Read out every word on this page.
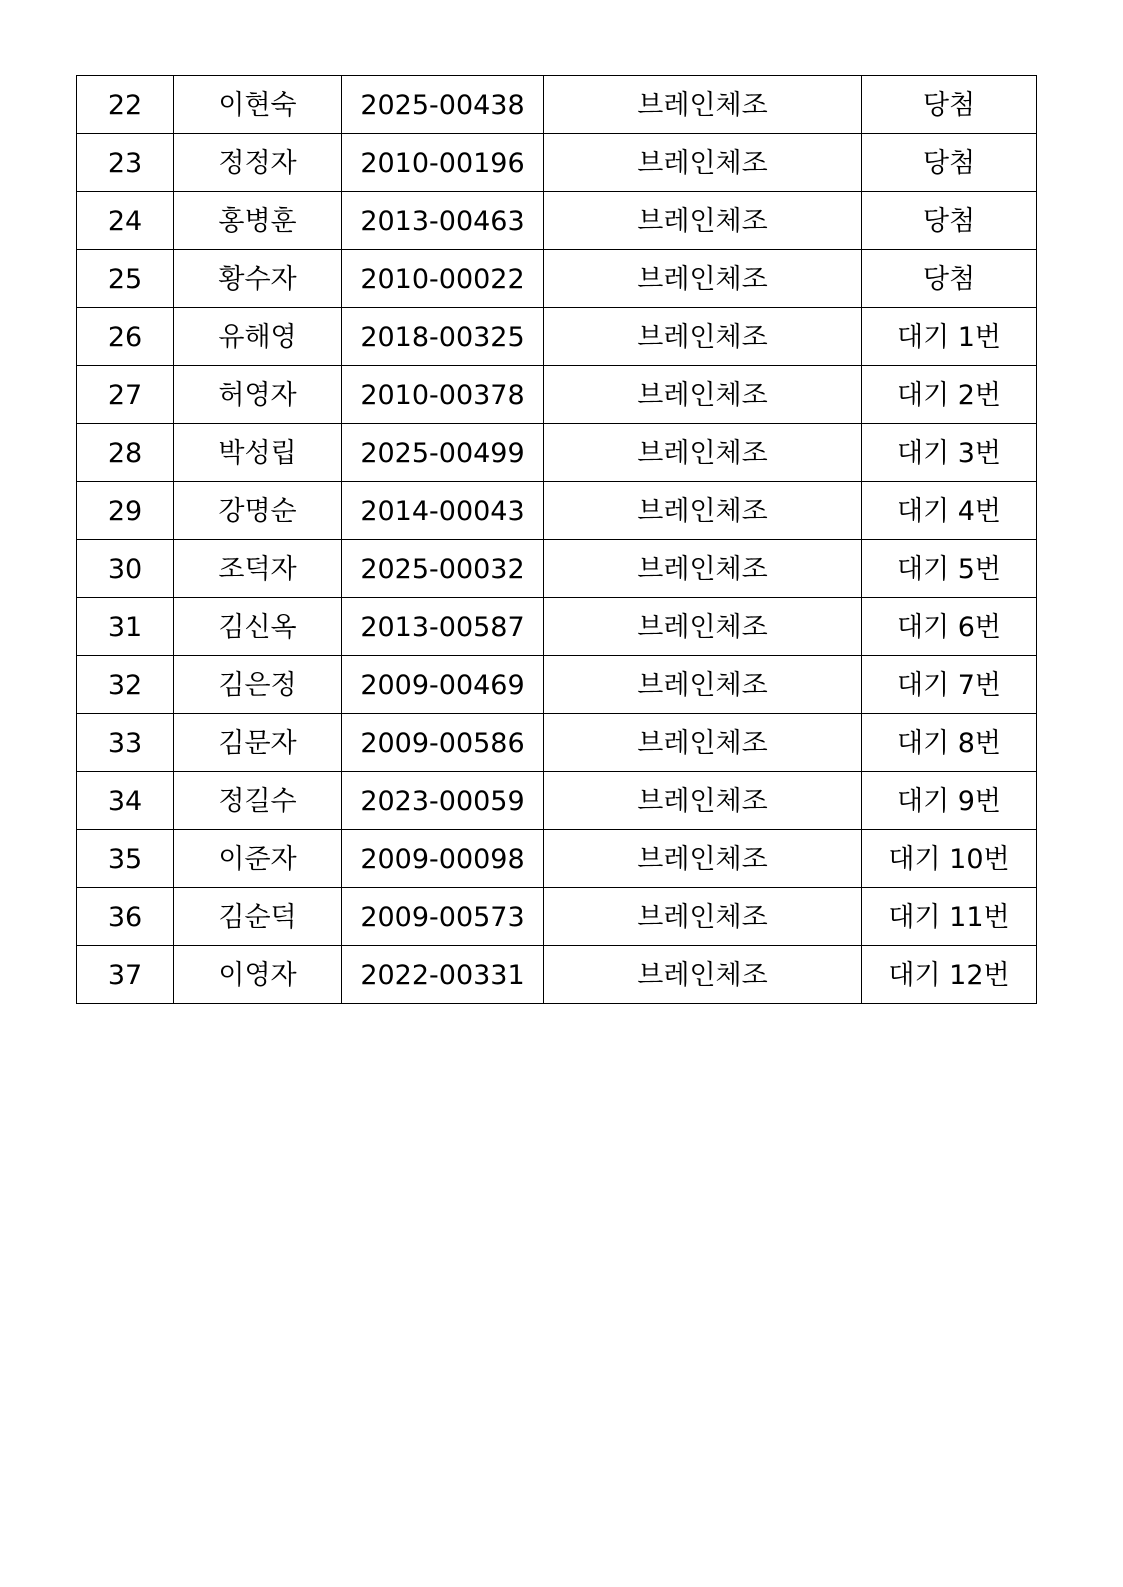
22	이현숙	2025-00438	브레인체조	당첨
23	정정자	2010-00196	브레인체조	당첨
24	홍병훈	2013-00463	브레인체조	당첨
25	황수자	2010-00022	브레인체조	당첨
26	유해영	2018-00325	브레인체조	대기 1번
27	허영자	2010-00378	브레인체조	대기 2번
28	박성립	2025-00499	브레인체조	대기 3번
29	강명순	2014-00043	브레인체조	대기 4번
30	조덕자	2025-00032	브레인체조	대기 5번
31	김신옥	2013-00587	브레인체조	대기 6번
32	김은정	2009-00469	브레인체조	대기 7번
33	김문자	2009-00586	브레인체조	대기 8번
34	정길수	2023-00059	브레인체조	대기 9번
35	이준자	2009-00098	브레인체조	대기 10번
36	김순덕	2009-00573	브레인체조	대기 11번
37	이영자	2022-00331	브레인체조	대기 12번
